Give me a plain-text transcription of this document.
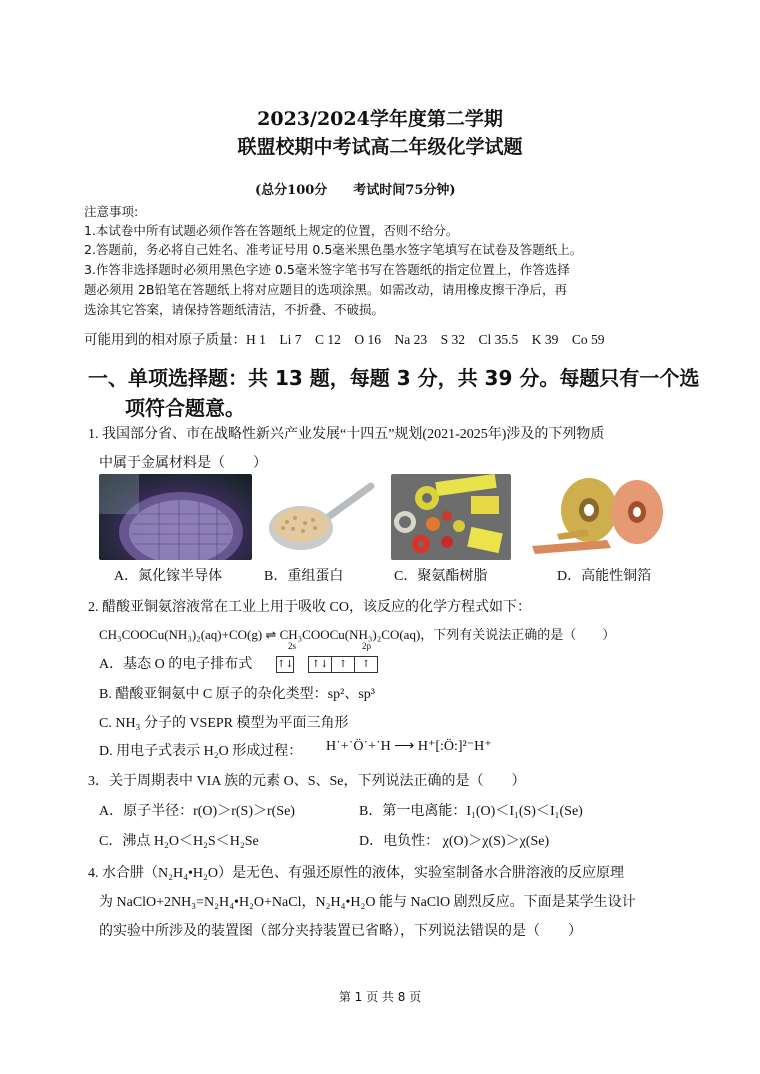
2023/2024学年度第二学期
联盟校期中考试高二年级化学试题
(总分100分　　考试时间75分钟)
注意事项:
1.本试卷中所有试题必须作答在答题纸上规定的位置，否则不给分。
2.答题前，务必将自己姓名、准考证号用 0.5毫米黑色墨水签字笔填写在试卷及答题纸上。
3.作答非选择题时必须用黑色字迹 0.5毫米签字笔书写在答题纸的指定位置上，作答选择
题必须用 2B铅笔在答题纸上将对应题目的选项涂黑。如需改动，请用橡皮擦干净后，再
选涂其它答案，请保持答题纸清洁，不折叠、不破损。
可能用到的相对原子质量：H 1　Li 7　C 12　O 16　Na 23　S 32　Cl 35.5　K 39　Co 59
一、单项选择题：共 13 题，每题 3 分，共 39 分。每题只有一个选
项符合题意。
1. 我国部分省、市在战略性新兴产业发展“十四五”规划(2021-2025年)涉及的下列物质
中属于金属材料是（　　）
A．氮化镓半导体	B．重组蛋白	C．聚氨酯树脂	D．高能性铜箔
2. 醋酸亚铜氨溶液常在工业上用于吸收 CO，该反应的化学方程式如下：
CH₃COOCu(NH₃)₂(aq)+CO(g) ⇌ CH₃COOCu(NH₃)₂CO(aq)，下列有关说法正确的是（　　）
2s	2p
A．基态 O 的电子排布式 ↑↓ ↑↓ ↑ ↑
B. 醋酸亚铜氨中 C 原子的杂化类型：sp²、sp³
C. NH₃ 分子的 VSEPR 模型为平面三角形
D. 用电子式表示 H₂O 形成过程： H˙+˙Ö˙+˙H ⟶ H⁺[:Ö:]²⁻H⁺
3．关于周期表中 VIA 族的元素 O、S、Se，下列说法正确的是（　　）
A．原子半径：r(O)＞r(S)＞r(Se)	B．第一电离能：I₁(O)＜I₁(S)＜I₁(Se)
C．沸点 H₂O＜H₂S＜H₂Se	D．电负性： χ(O)＞χ(S)＞χ(Se)
4. 水合肼（N₂H₄•H₂O）是无色、有强还原性的液体，实验室制备水合肼溶液的反应原理
为 NaClO+2NH₃=N₂H₄•H₂O+NaCl，N₂H₄•H₂O 能与 NaClO 剧烈反应。下面是某学生设计
的实验中所涉及的装置图（部分夹持装置已省略），下列说法错误的是（　　）
第 1 页 共 8 页
